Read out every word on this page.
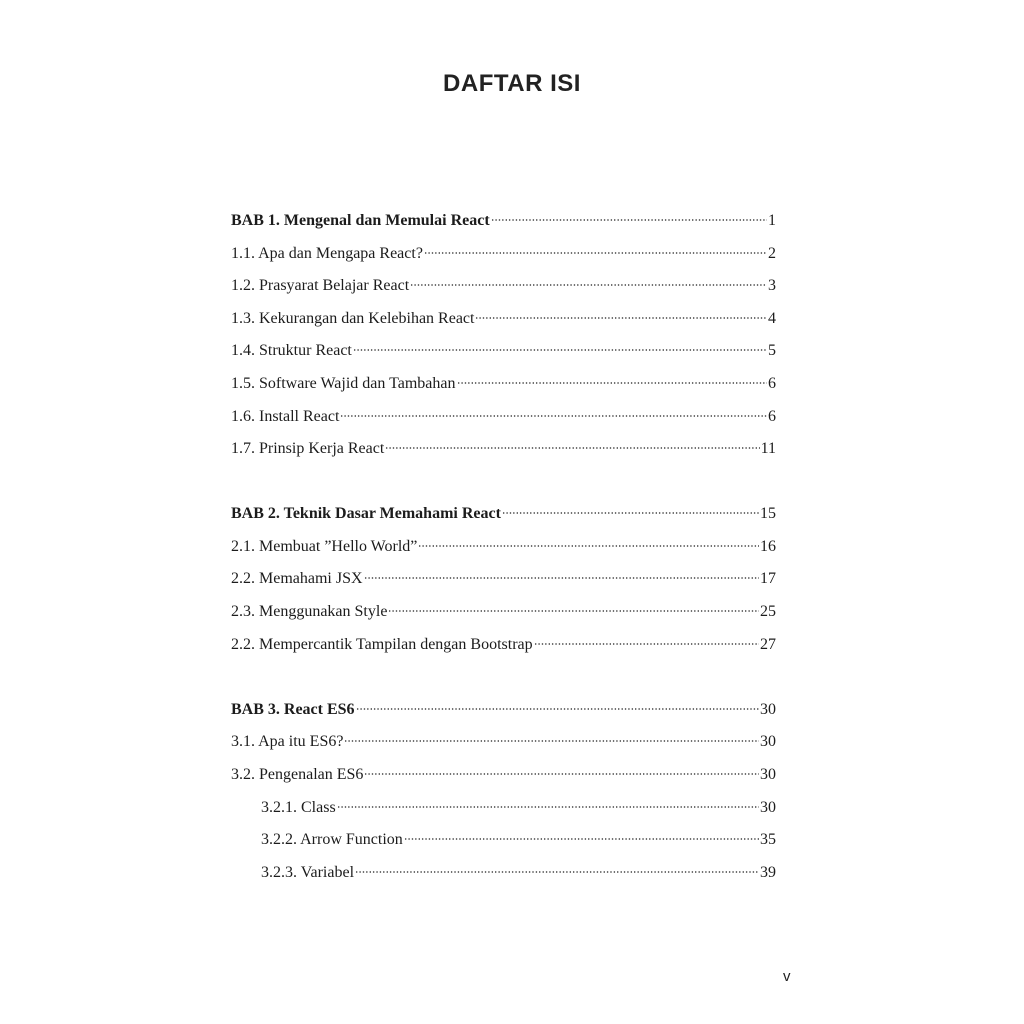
DAFTAR ISI
BAB 1. Mengenal dan Memulai React	1
1.1. Apa dan Mengapa React?	2
1.2. Prasyarat Belajar React	3
1.3. Kekurangan dan Kelebihan React	4
1.4. Struktur React	5
1.5. Software Wajid dan Tambahan	6
1.6. Install React	6
1.7. Prinsip Kerja React	11
BAB 2. Teknik Dasar Memahami React	15
2.1. Membuat ”Hello World”	16
2.2. Memahami JSX	17
2.3. Menggunakan Style	25
2.2. Mempercantik Tampilan dengan Bootstrap	27
BAB 3. React ES6	30
3.1. Apa itu ES6?	30
3.2. Pengenalan ES6	30
3.2.1. Class	30
3.2.2. Arrow Function	35
3.2.3. Variabel	39
v
